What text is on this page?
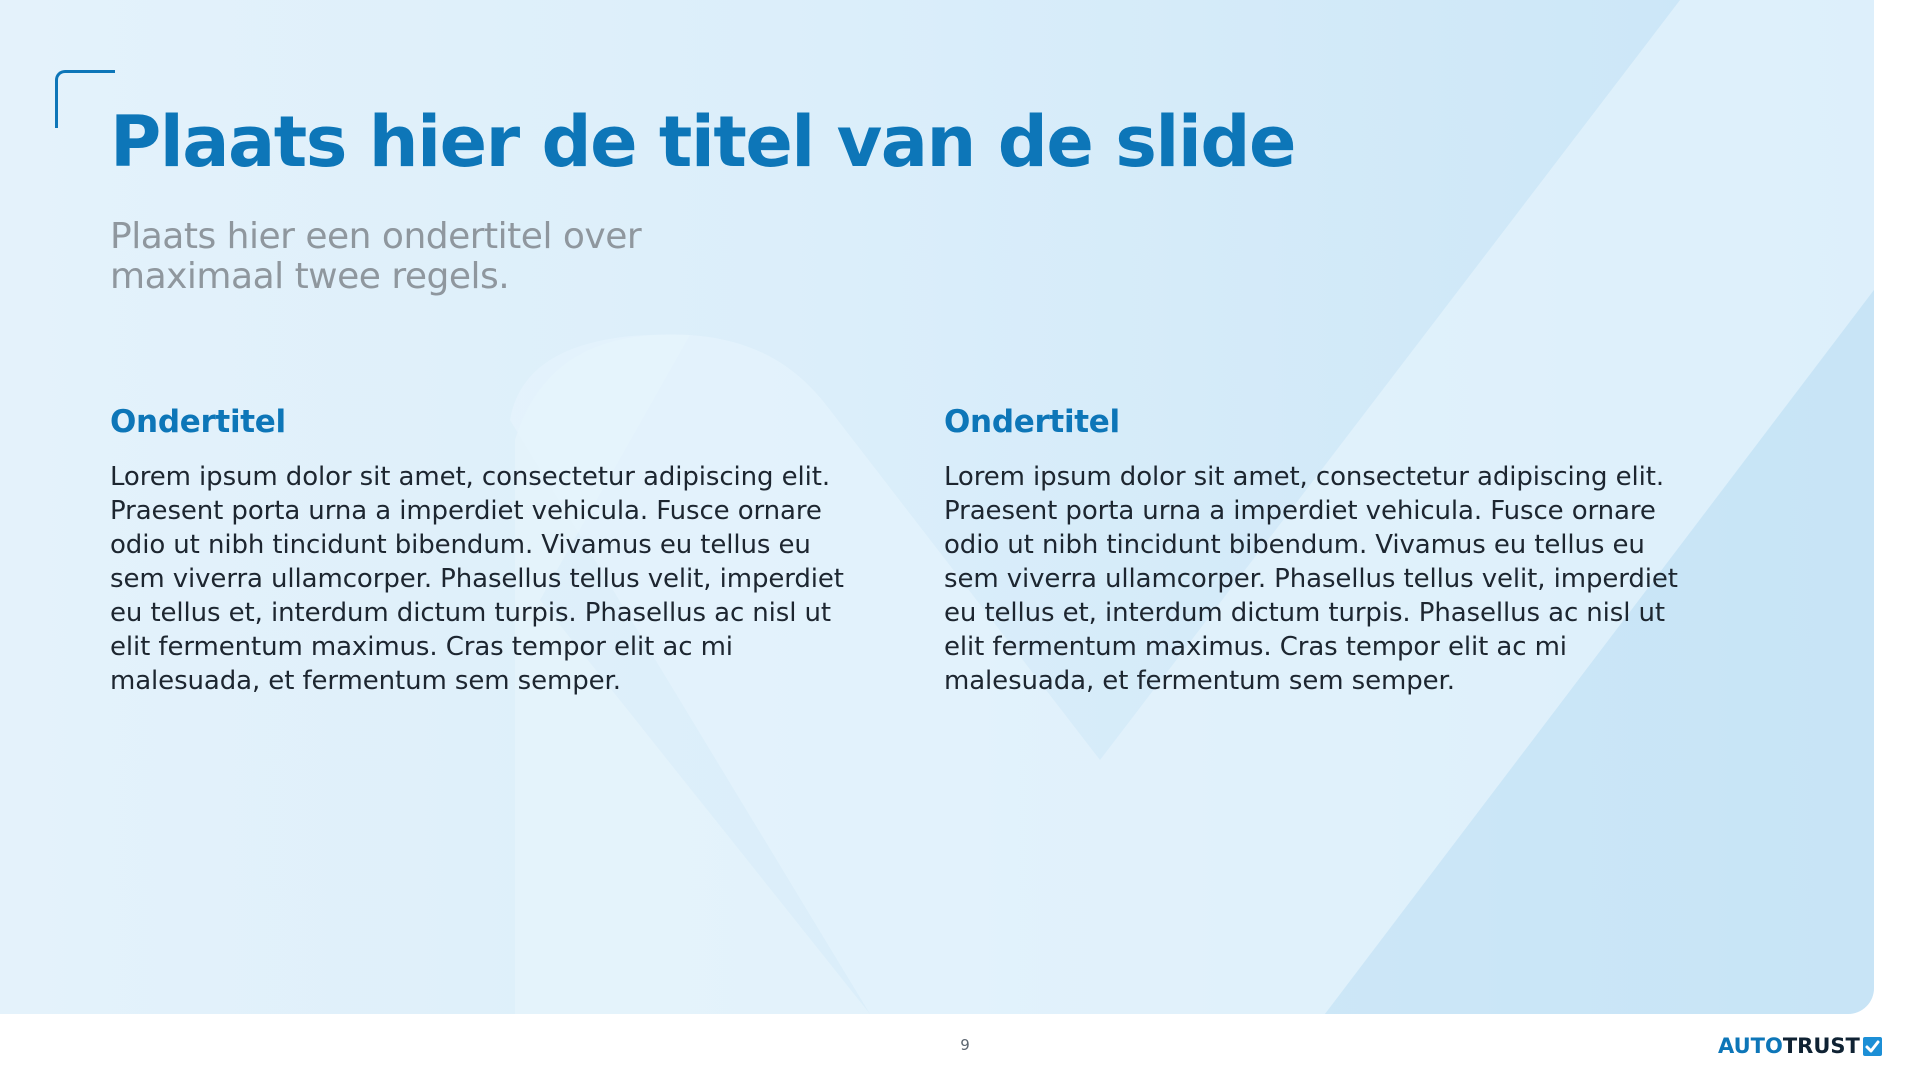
Plaats hier de titel van de slide

Plaats hier een ondertitel over maximaal twee regels.

Ondertitel

Lorem ipsum dolor sit amet, consectetur adipiscing elit. Praesent porta urna a imperdiet vehicula. Fusce ornare odio ut nibh tincidunt bibendum. Vivamus eu tellus eu sem viverra ullamcorper. Phasellus tellus velit, imperdiet eu tellus et, interdum dictum turpis. Phasellus ac nisl ut elit fermentum maximus. Cras tempor elit ac mi malesuada, et fermentum sem semper.

Ondertitel

Lorem ipsum dolor sit amet, consectetur adipiscing elit. Praesent porta urna a imperdiet vehicula. Fusce ornare odio ut nibh tincidunt bibendum. Vivamus eu tellus eu sem viverra ullamcorper. Phasellus tellus velit, imperdiet eu tellus et, interdum dictum turpis. Phasellus ac nisl ut elit fermentum maximus. Cras tempor elit ac mi malesuada, et fermentum sem semper.

9	AUTO TRUST
